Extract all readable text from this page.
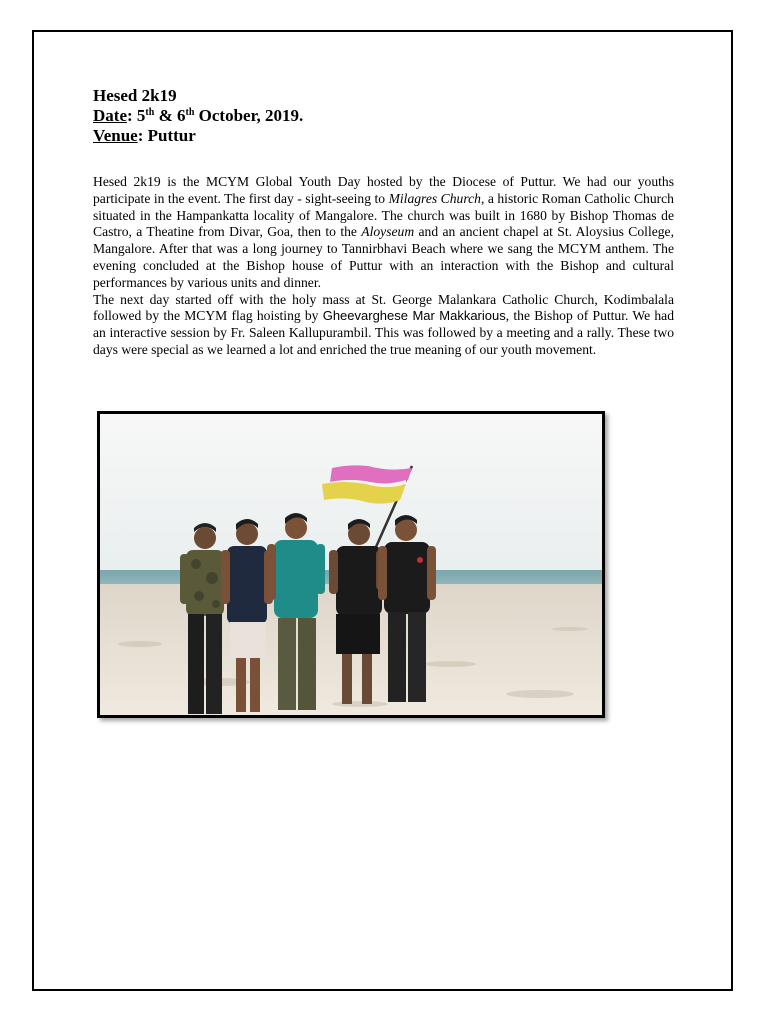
Hesed 2k19
Date: 5th & 6th October, 2019.
Venue: Puttur

Hesed 2k19 is the MCYM Global Youth Day hosted by the Diocese of Puttur. We had our youths participate in the event. The first day - sight-seeing to Milagres Church, a historic Roman Catholic Church situated in the Hampankatta locality of Mangalore. The church was built in 1680 by Bishop Thomas de Castro, a Theatine from Divar, Goa, then to the Aloyseum and an ancient chapel at St. Aloysius College, Mangalore. After that was a long journey to Tannirbhavi Beach where we sang the MCYM anthem. The evening concluded at the Bishop house of Puttur with an interaction with the Bishop and cultural performances by various units and dinner.

The next day started off with the holy mass at St. George Malankara Catholic Church, Kodimbalala followed by the MCYM flag hoisting by Gheevarghese Mar Makkarious, the Bishop of Puttur. We had an interactive session by Fr. Saleen Kallupurambil. This was followed by a meeting and a rally. These two days were special as we learned a lot and enriched the true meaning of our youth movement.
